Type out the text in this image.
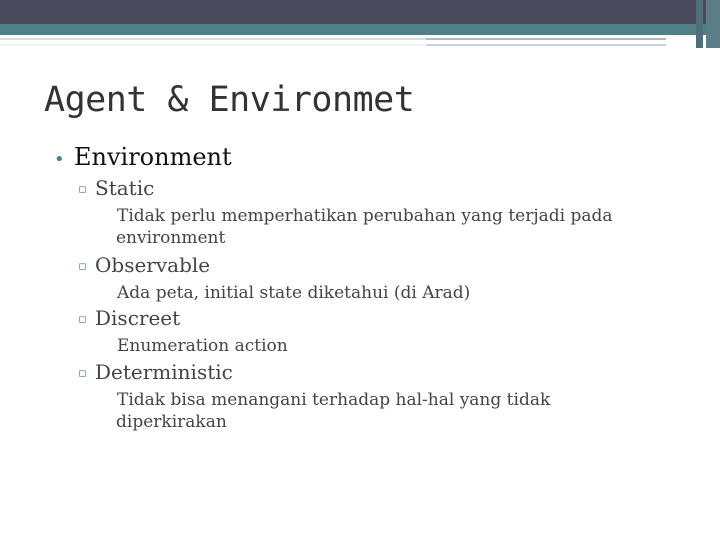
Agent & Environmet
• Environment
▫ Static
Tidak perlu memperhatikan perubahan yang terjadi pada
environment
▫ Observable
Ada peta, initial state diketahui (di Arad)
▫ Discreet
Enumeration action
▫ Deterministic
Tidak bisa menangani terhadap hal-hal yang tidak
diperkirakan
